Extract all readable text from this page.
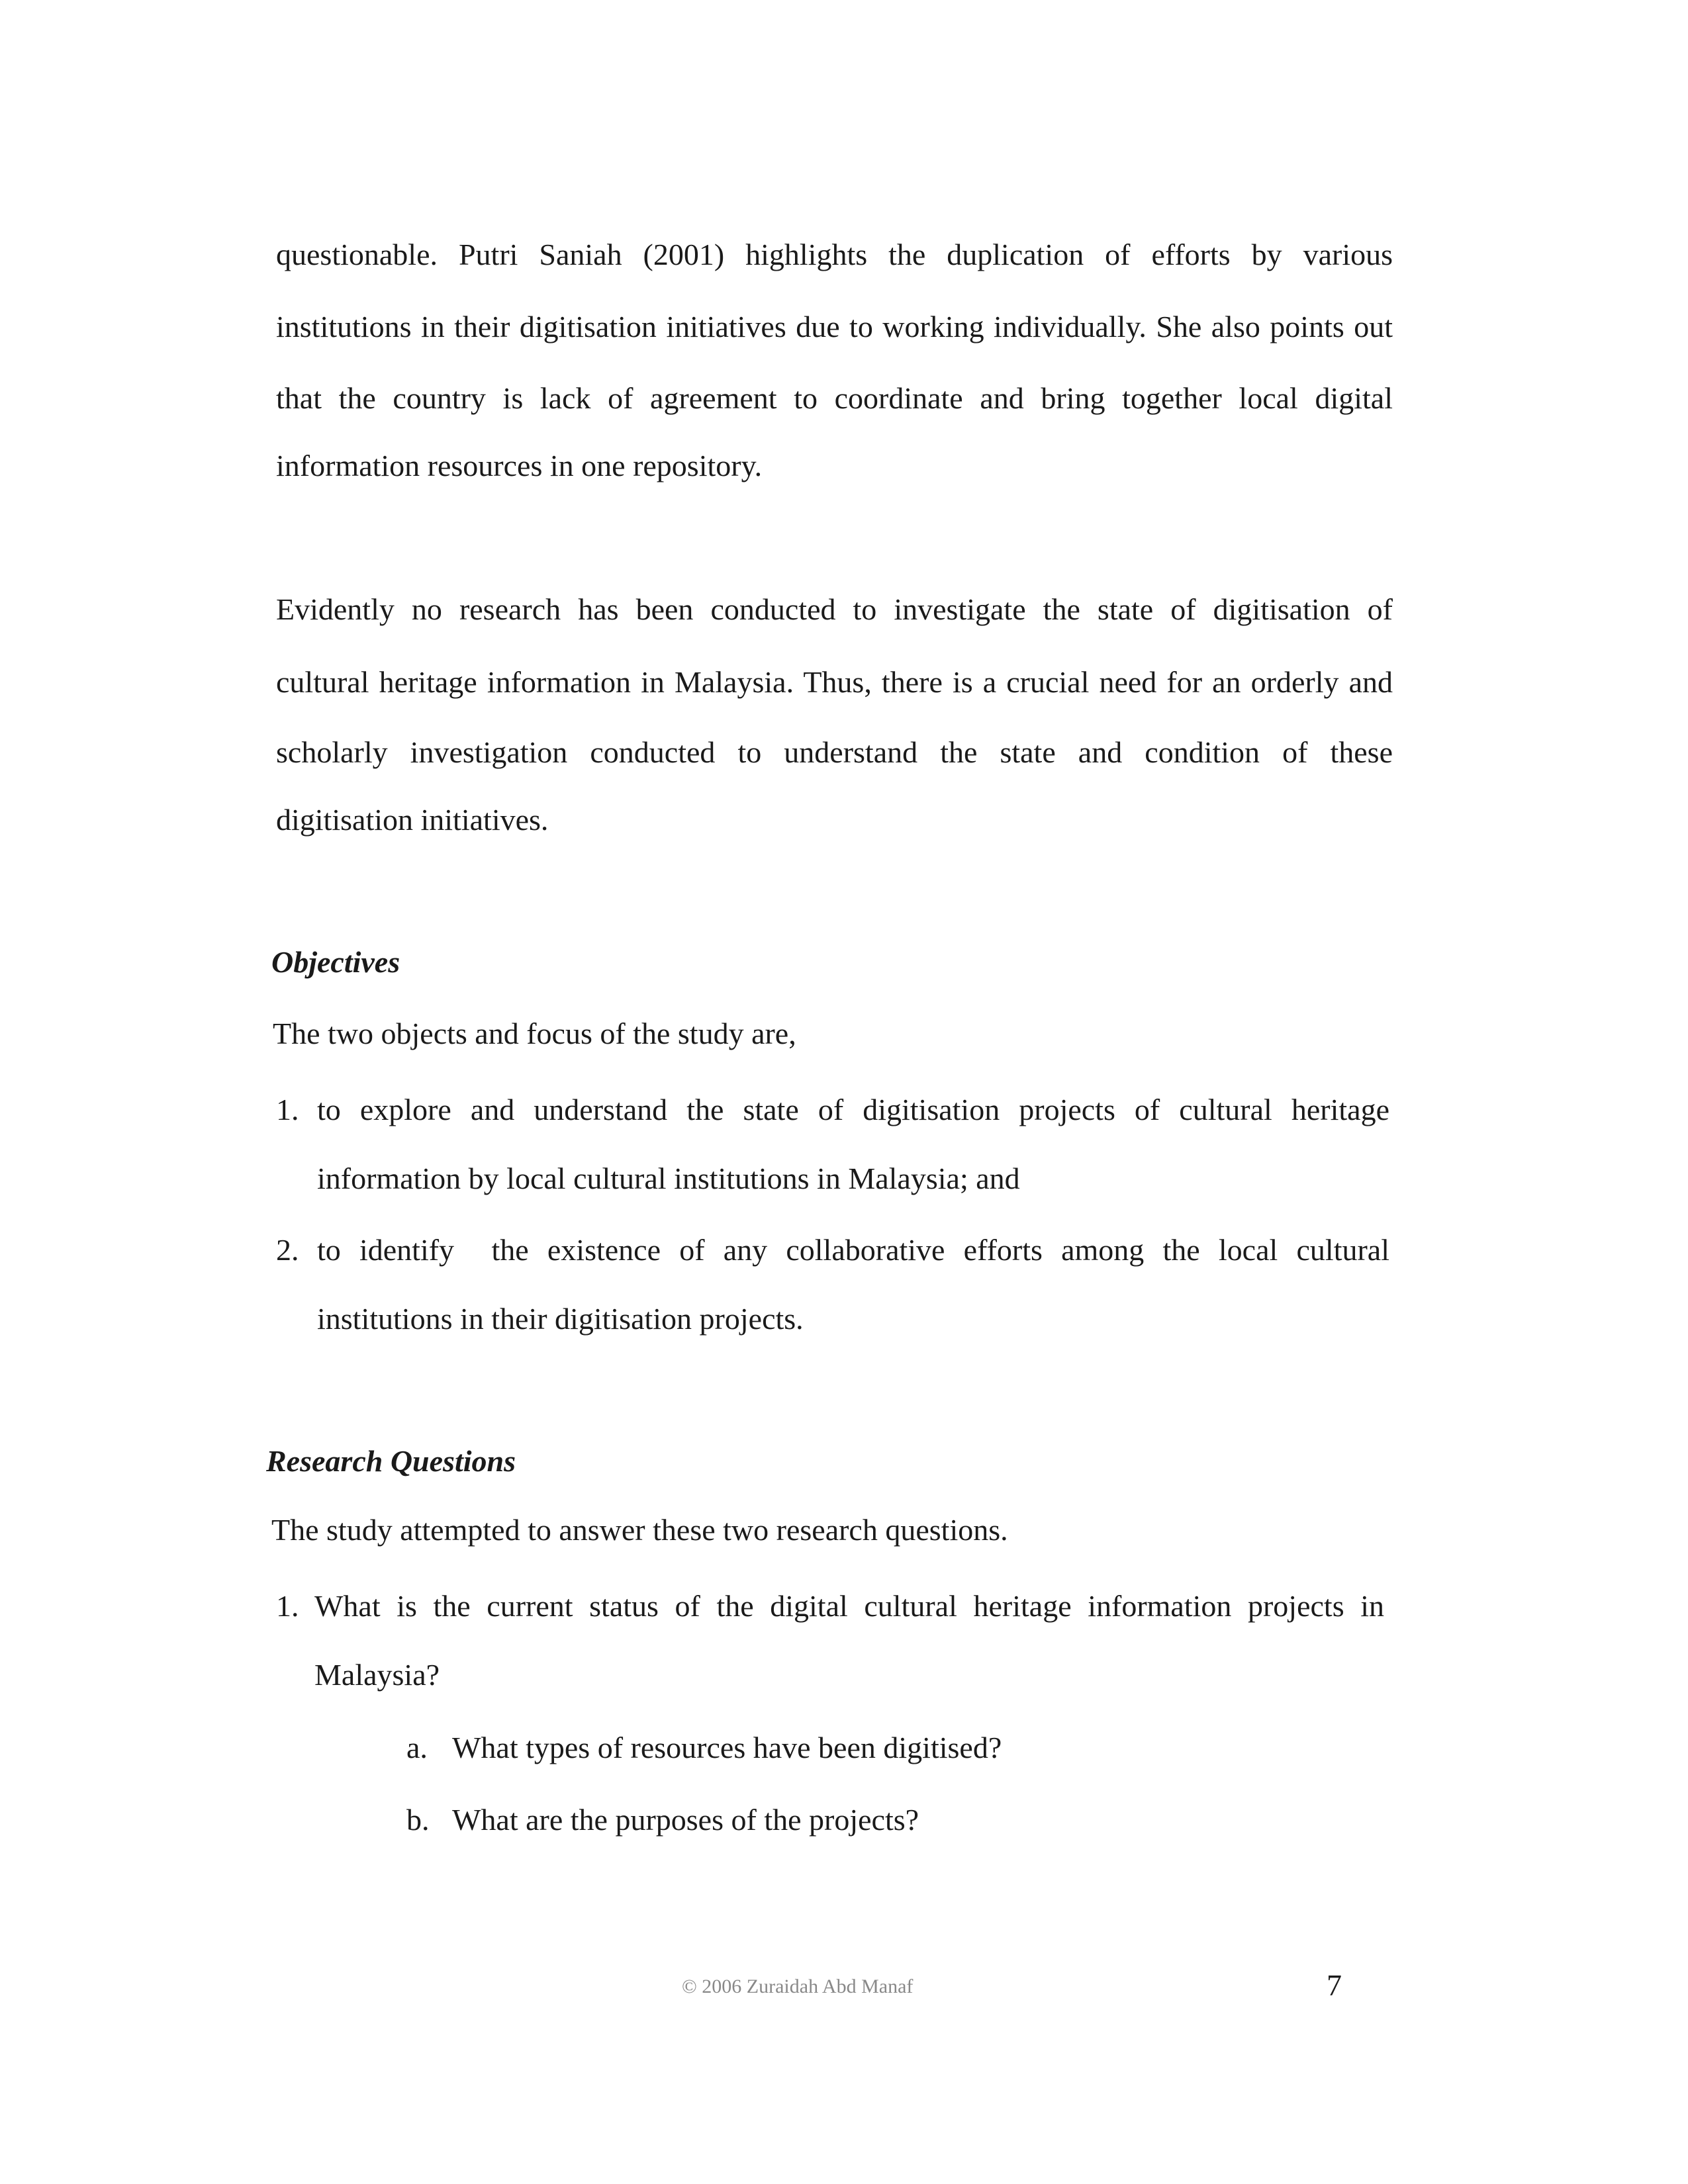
questionable. Putri Saniah (2001) highlights the duplication of efforts by various
institutions in their digitisation initiatives due to working individually. She also points out
that the country is lack of agreement to coordinate and bring together local digital
information resources in one repository.
Evidently no research has been conducted to investigate the state of digitisation of
cultural heritage information in Malaysia. Thus, there is a crucial need for an orderly and
scholarly investigation conducted to understand the state and condition of these
digitisation initiatives.
Objectives
The two objects and focus of the study are,
1. to explore and understand the state of digitisation projects of cultural heritage
information by local cultural institutions in Malaysia; and
2. to identify  the existence of any collaborative efforts among the local cultural
institutions in their digitisation projects.
Research Questions
The study attempted to answer these two research questions.
1. What is the current status of the digital cultural heritage information projects in
Malaysia?
a. What types of resources have been digitised?
b. What are the purposes of the projects?
© 2006 Zuraidah Abd Manaf	7
